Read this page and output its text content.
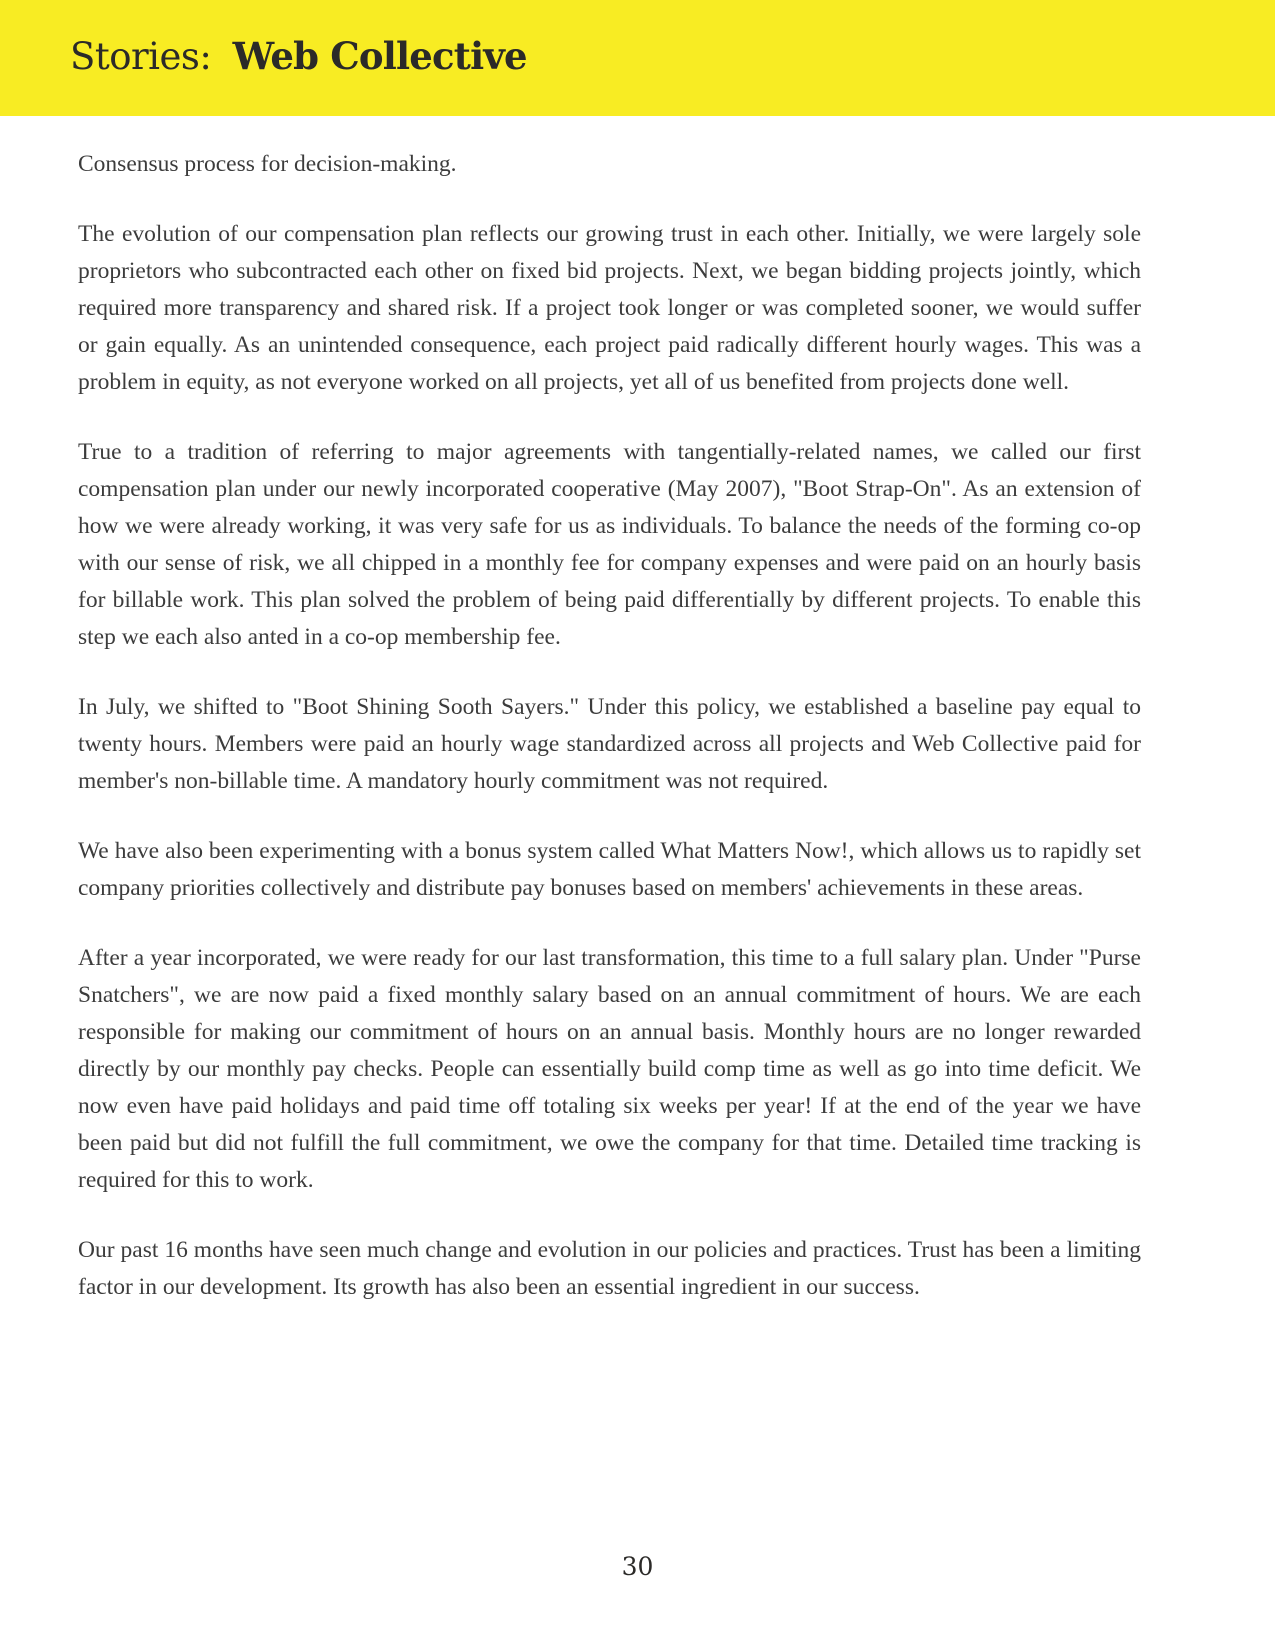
Stories: Web Collective

Consensus process for decision-making.

The evolution of our compensation plan reflects our growing trust in each other. Initially, we were largely sole proprietors who subcontracted each other on fixed bid projects. Next, we began bidding projects jointly, which required more transparency and shared risk. If a project took longer or was completed sooner, we would suffer or gain equally. As an unintended consequence, each project paid radically different hourly wages. This was a problem in equity, as not everyone worked on all projects, yet all of us benefited from projects done well.

True to a tradition of referring to major agreements with tangentially-related names, we called our first compensation plan under our newly incorporated cooperative (May 2007), "Boot Strap-On". As an extension of how we were already working, it was very safe for us as individuals. To balance the needs of the forming co-op with our sense of risk, we all chipped in a monthly fee for company expenses and were paid on an hourly basis for billable work. This plan solved the problem of being paid differentially by different projects. To enable this step we each also anted in a co-op membership fee.

In July, we shifted to "Boot Shining Sooth Sayers." Under this policy, we established a baseline pay equal to twenty hours. Members were paid an hourly wage standardized across all projects and Web Collective paid for member's non-billable time. A mandatory hourly commitment was not required.

We have also been experimenting with a bonus system called What Matters Now!, which allows us to rapidly set company priorities collectively and distribute pay bonuses based on members' achievements in these areas.

After a year incorporated, we were ready for our last transformation, this time to a full salary plan. Under "Purse Snatchers", we are now paid a fixed monthly salary based on an annual commitment of hours. We are each responsible for making our commitment of hours on an annual basis. Monthly hours are no longer rewarded directly by our monthly pay checks. People can essentially build comp time as well as go into time deficit. We now even have paid holidays and paid time off totaling six weeks per year! If at the end of the year we have been paid but did not fulfill the full commitment, we owe the company for that time. Detailed time tracking is required for this to work.

Our past 16 months have seen much change and evolution in our policies and practices. Trust has been a limiting factor in our development. Its growth has also been an essential ingredient in our success.

30
